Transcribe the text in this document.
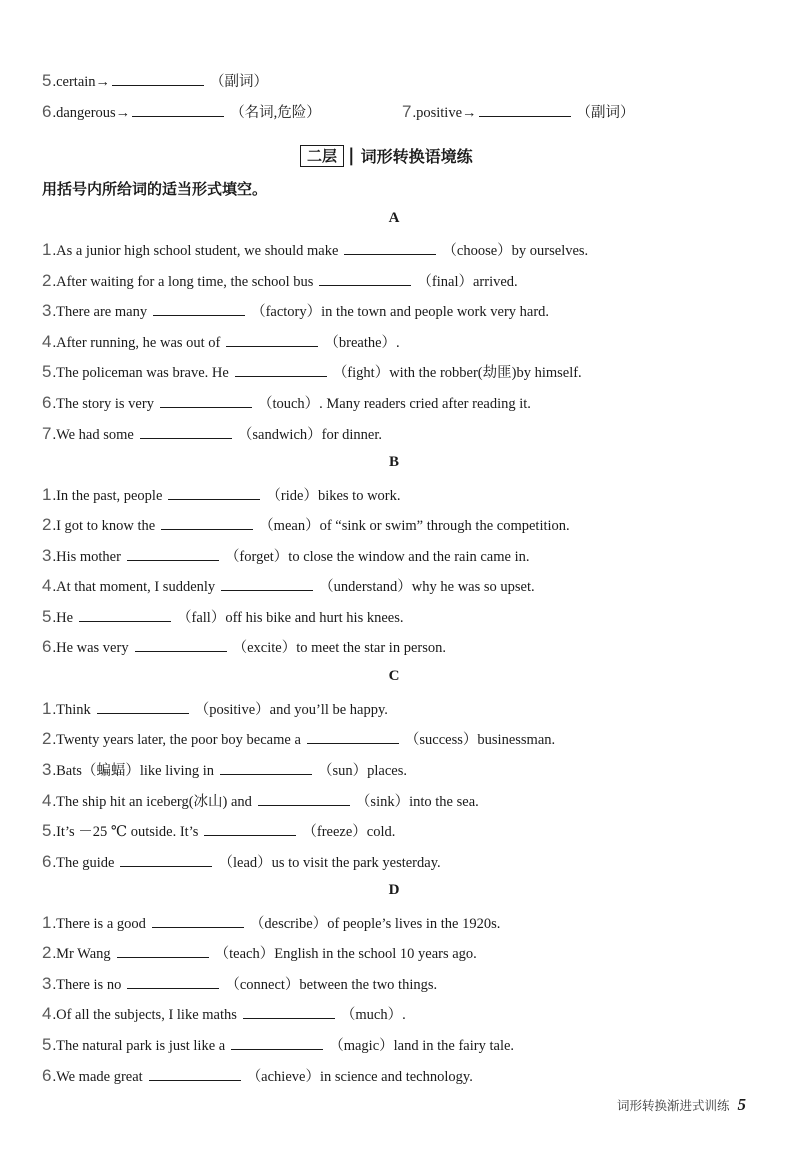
5.certain→	（副词）
6.dangerous→	（名词,危险）	7.positive→	（副词）
二层 | 词形转换语境练
用括号内所给词的适当形式填空。
A
1.As a junior high school student, we should make	（choose）by ourselves.
2.After waiting for a long time, the school bus	（final）arrived.
3.There are many	（factory）in the town and people work very hard.
4.After running, he was out of	（breathe）.
5.The policeman was brave. He	（fight）with the robber(劫匪)by himself.
6.The story is very	（touch）. Many readers cried after reading it.
7.We had some	（sandwich）for dinner.
B
1.In the past, people	（ride）bikes to work.
2.I got to know the	（mean）of “sink or swim” through the competition.
3.His mother	（forget）to close the window and the rain came in.
4.At that moment, I suddenly	（understand）why he was so upset.
5.He	（fall）off his bike and hurt his knees.
6.He was very	（excite）to meet the star in person.
C
1.Think	（positive）and you’ll be happy.
2.Twenty years later, the poor boy became a	（success）businessman.
3.Bats（蝙蝠）like living in	（sun）places.
4.The ship hit an iceberg(冰山) and	（sink）into the sea.
5.It’s －25 ℃ outside. It’s	（freeze）cold.
6.The guide	（lead）us to visit the park yesterday.
D
1.There is a good	（describe）of people’s lives in the 1920s.
2.Mr Wang	（teach）English in the school 10 years ago.
3.There is no	（connect）between the two things.
4.Of all the subjects, I like maths	（much）.
5.The natural park is just like a	（magic）land in the fairy tale.
6.We made great	（achieve）in science and technology.
词形转换渐进式训练 5
